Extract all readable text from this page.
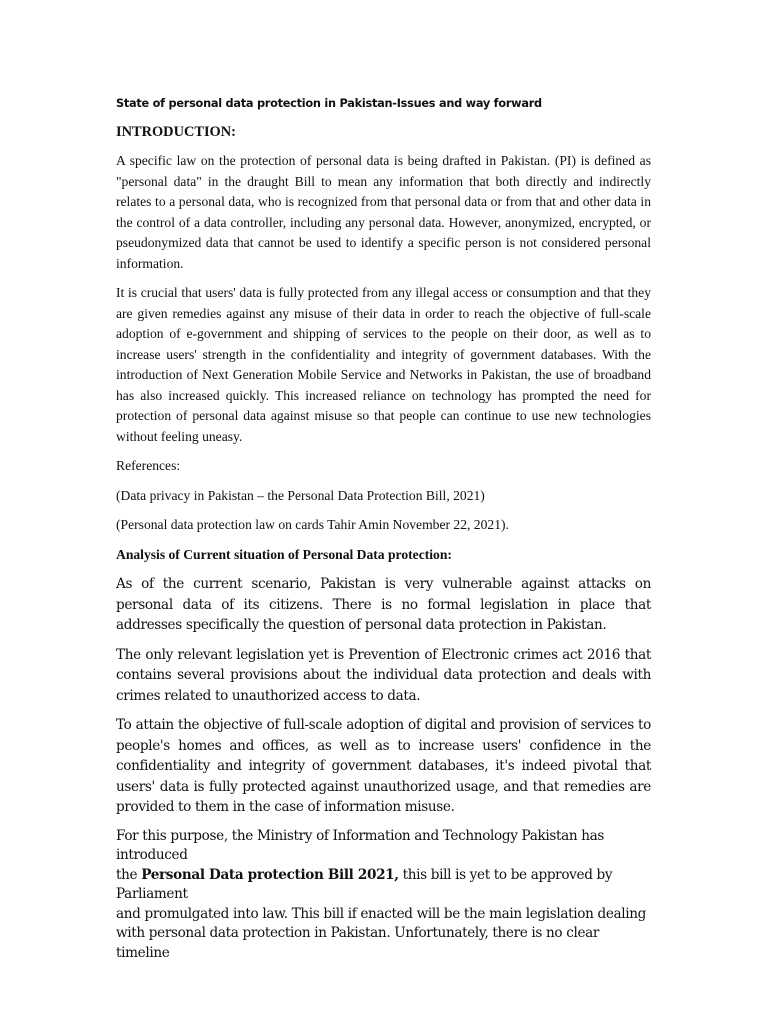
State of personal data protection in Pakistan-Issues and way forward

INTRODUCTION:

A specific law on the protection of personal data is being drafted in Pakistan. (PI) is defined as "personal data" in the draught Bill to mean any information that both directly and indirectly relates to a personal data, who is recognized from that personal data or from that and other data in the control of a data controller, including any personal data. However, anonymized, encrypted, or pseudonymized data that cannot be used to identify a specific person is not considered personal information.

It is crucial that users' data is fully protected from any illegal access or consumption and that they are given remedies against any misuse of their data in order to reach the objective of full-scale adoption of e-government and shipping of services to the people on their door, as well as to increase users' strength in the confidentiality and integrity of government databases. With the introduction of Next Generation Mobile Service and Networks in Pakistan, the use of broadband has also increased quickly. This increased reliance on technology has prompted the need for protection of personal data against misuse so that people can continue to use new technologies without feeling uneasy.

References:

(Data privacy in Pakistan – the Personal Data Protection Bill, 2021)

(Personal data protection law on cards Tahir Amin November 22, 2021).

Analysis of Current situation of Personal Data protection:

As of the current scenario, Pakistan is very vulnerable against attacks on personal data of its citizens. There is no formal legislation in place that addresses specifically the question of personal data protection in Pakistan.

The only relevant legislation yet is Prevention of Electronic crimes act 2016 that contains several provisions about the individual data protection and deals with crimes related to unauthorized access to data.

To attain the objective of full-scale adoption of digital and provision of services to people's homes and offices, as well as to increase users' confidence in the confidentiality and integrity of government databases, it's indeed pivotal that users' data is fully protected against unauthorized usage, and that remedies are provided to them in the case of information misuse.

For this purpose, the Ministry of Information and Technology Pakistan has introduced

the Personal Data protection Bill 2021, this bill is yet to be approved by Parliament

and promulgated into law. This bill if enacted will be the main legislation dealing

with personal data protection in Pakistan. Unfortunately, there is no clear timeline
